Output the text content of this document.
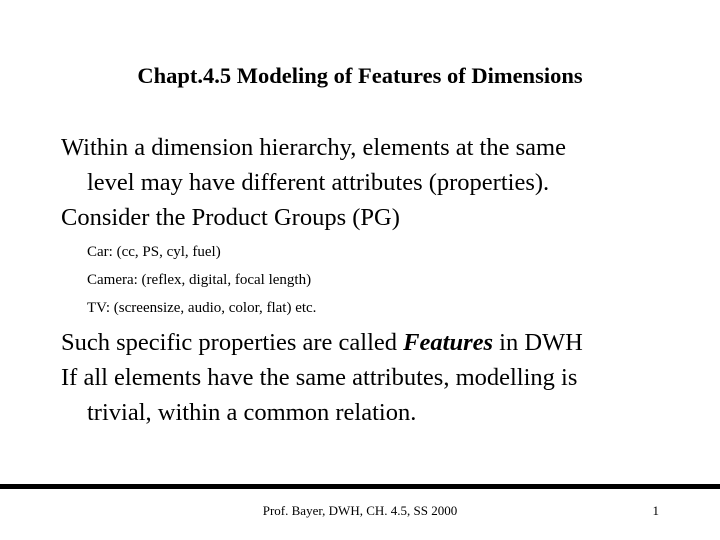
Chapt.4.5 Modeling of Features of Dimensions
Within a dimension hierarchy, elements at the same
level may have different attributes (properties).
Consider the Product Groups (PG)
Car: (cc, PS, cyl, fuel)
Camera: (reflex, digital, focal length)
TV: (screensize, audio, color, flat) etc.
Such specific properties are called Features in DWH
If all elements have the same attributes, modelling is
trivial, within a common relation.
Prof. Bayer, DWH, CH. 4.5, SS 2000	1
